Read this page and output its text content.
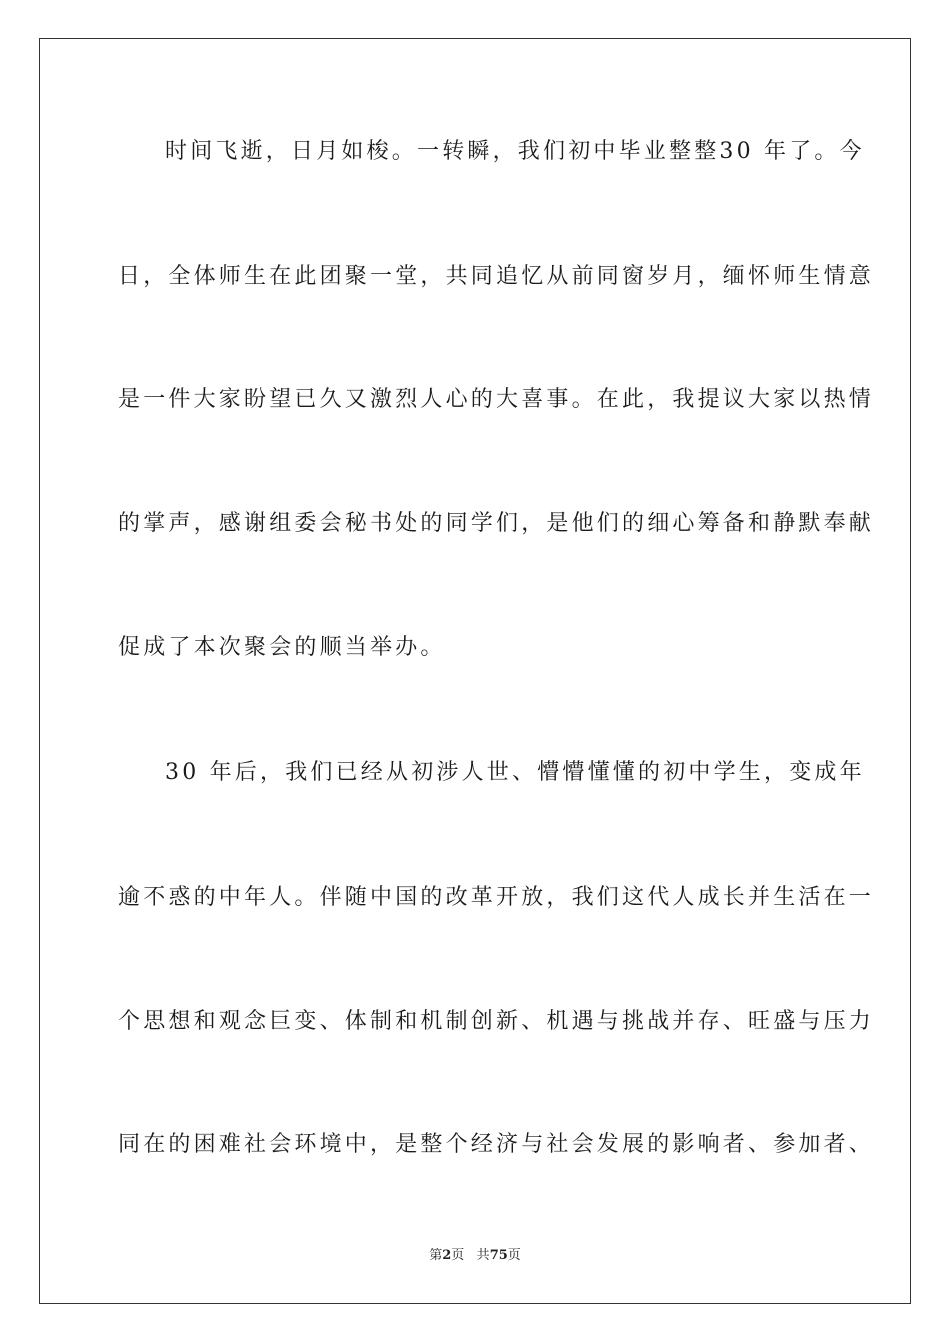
时间飞逝，日月如梭。一转瞬，我们初中毕业整整30 年了。今
日，全体师生在此团聚一堂，共同追忆从前同窗岁月，缅怀师生情意
是一件大家盼望已久又激烈人心的大喜事。在此，我提议大家以热情
的掌声，感谢组委会秘书处的同学们，是他们的细心筹备和静默奉献
促成了本次聚会的顺当举办。
30 年后，我们已经从初涉人世、懵懵懂懂的初中学生，变成年
逾不惑的中年人。伴随中国的改革开放，我们这代人成长并生活在一
个思想和观念巨变、体制和机制创新、机遇与挑战并存、旺盛与压力
同在的困难社会环境中，是整个经济与社会发展的影响者、参加者、
第2页 共75页
